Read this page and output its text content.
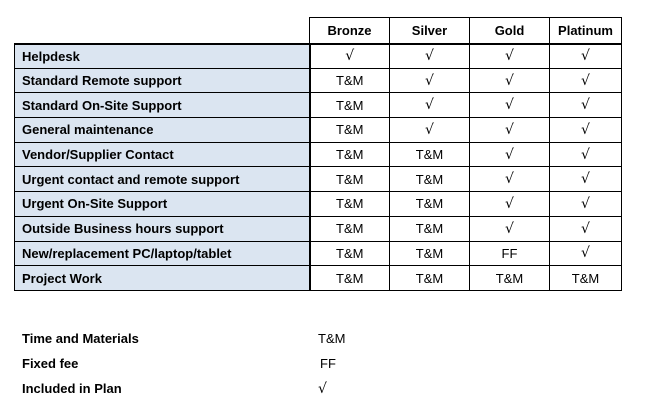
	Bronze	Silver	Gold	Platinum
Helpdesk	√	√	√	√
Standard Remote support	T&M	√	√	√
Standard On-Site Support	T&M	√	√	√
General maintenance	T&M	√	√	√
Vendor/Supplier Contact	T&M	T&M	√	√
Urgent contact and remote support	T&M	T&M	√	√
Urgent On-Site Support	T&M	T&M	√	√
Outside Business hours support	T&M	T&M	√	√
New/replacement PC/laptop/tablet	T&M	T&M	FF	√
Project Work	T&M	T&M	T&M	T&M
Time and Materials	T&M
Fixed fee	FF
Included in Plan	√
